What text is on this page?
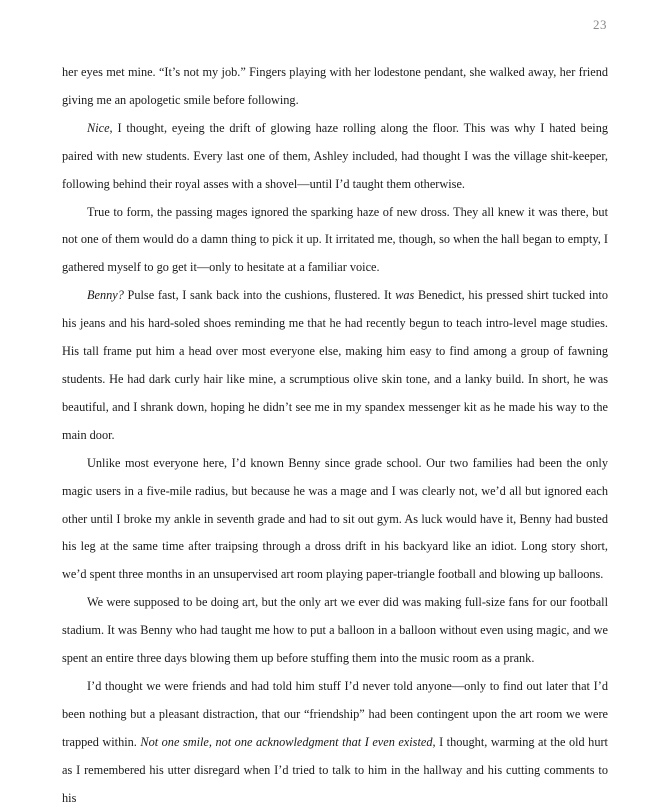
23

her eyes met mine. “It’s not my job.” Fingers playing with her lodestone pendant, she walked away, her friend giving me an apologetic smile before following.

Nice, I thought, eyeing the drift of glowing haze rolling along the floor. This was why I hated being paired with new students. Every last one of them, Ashley included, had thought I was the village shit-keeper, following behind their royal asses with a shovel—until I’d taught them otherwise.

True to form, the passing mages ignored the sparking haze of new dross. They all knew it was there, but not one of them would do a damn thing to pick it up. It irritated me, though, so when the hall began to empty, I gathered myself to go get it—only to hesitate at a familiar voice.

Benny? Pulse fast, I sank back into the cushions, flustered. It was Benedict, his pressed shirt tucked into his jeans and his hard-soled shoes reminding me that he had recently begun to teach intro-level mage studies. His tall frame put him a head over most everyone else, making him easy to find among a group of fawning students. He had dark curly hair like mine, a scrumptious olive skin tone, and a lanky build. In short, he was beautiful, and I shrank down, hoping he didn’t see me in my spandex messenger kit as he made his way to the main door.

Unlike most everyone here, I’d known Benny since grade school. Our two families had been the only magic users in a five-mile radius, but because he was a mage and I was clearly not, we’d all but ignored each other until I broke my ankle in seventh grade and had to sit out gym. As luck would have it, Benny had busted his leg at the same time after traipsing through a dross drift in his backyard like an idiot. Long story short, we’d spent three months in an unsupervised art room playing paper-triangle football and blowing up balloons.

We were supposed to be doing art, but the only art we ever did was making full-size fans for our football stadium. It was Benny who had taught me how to put a balloon in a balloon without even using magic, and we spent an entire three days blowing them up before stuffing them into the music room as a prank.

I’d thought we were friends and had told him stuff I’d never told anyone—only to find out later that I’d been nothing but a pleasant distraction, that our “friendship” had been contingent upon the art room we were trapped within. Not one smile, not one acknowledgment that I even existed, I thought, warming at the old hurt as I remembered his utter disregard when I’d tried to talk to him in the hallway and his cutting comments to his
